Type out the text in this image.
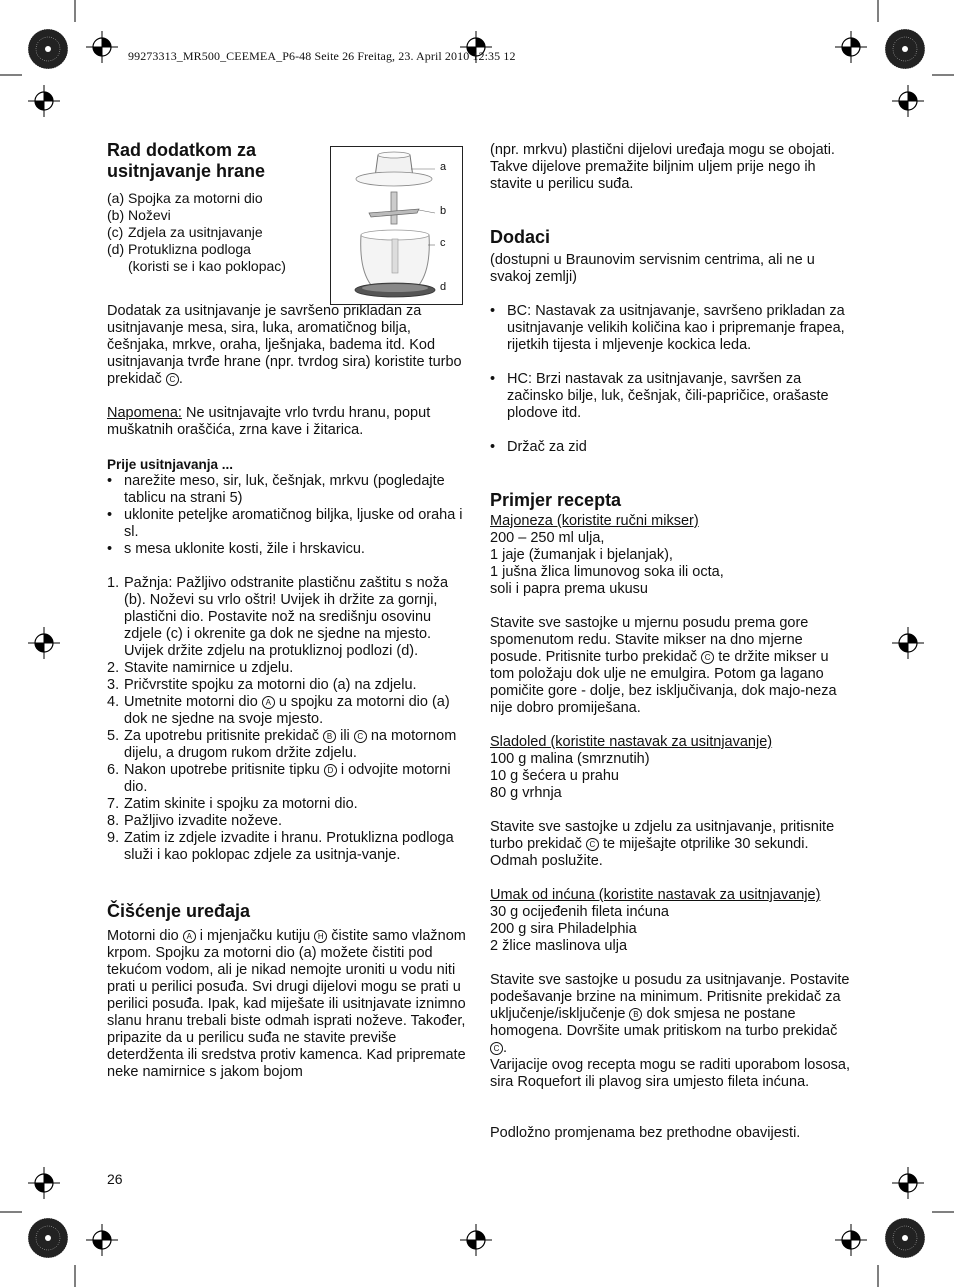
99273313_MR500_CEEMEA_P6-48 Seite 26 Freitag, 23. April 2010 12:35 12
Rad dodatkom za
usitnjavanje hrane
(a) Spojka za motorni dio
(b) Noževi
(c) Zdjela za usitnjavanje
(d) Protuklizna podloga
(koristi se i kao poklopac)

Dodatak za usitnjavanje je savršeno prikladan za usitnjavanje mesa, sira, luka, aromatičnog bilja, češnjaka, mrkve, oraha, lješnjaka, badema itd. Kod usitnjavanja tvrđe hrane (npr. tvrdog sira) koristite turbo prekidač C .

Napomena: Ne usitnjavajte vrlo tvrdu hranu, poput muškatnih oraščića, zrna kave i žitarica.

Prije usitnjavanja ...

• narežite meso, sir, luk, češnjak, mrkvu (pogledajte tablicu na strani 5)
• uklonite peteljke aromatičnog biljka, ljuske od oraha i sl.
• s mesa uklonite kosti, žile i hrskavicu.
1. Pažnja: Pažljivo odstranite plastičnu zaštitu s noža (b). Noževi su vrlo oštri! Uvijek ih držite za gornji, plastični dio. Postavite nož na središnju osovinu zdjele (c) i okrenite ga dok ne sjedne na mjesto. Uvijek držite zdjelu na protukliznoj podlozi (d).
2. Stavite namirnice u zdjelu.
3. Pričvrstite spojku za motorni dio (a) na zdjelu.
4. Umetnite motorni dio A u spojku za motorni dio (a) dok ne sjedne na svoje mjesto.
5. Za upotrebu pritisnite prekidač B ili C na motornom dijelu, a drugom rukom držite zdjelu.
6. Nakon upotrebe pritisnite tipku D i odvojite motorni dio.
7. Zatim skinite i spojku za motorni dio.
8. Pažljivo izvadite noževe.
9. Zatim iz zdjele izvadite i hranu. Protuklizna podloga služi i kao poklopac zdjele za usitnja-vanje.
Čišćenje uređaja

Motorni dio A i mjenjačku kutiju H čistite samo vlažnom krpom. Spojku za motorni dio (a) možete čistiti pod tekućom vodom, ali je nikad nemojte uroniti u vodu niti prati u perilici posuđa. Svi drugi dijelovi mogu se prati u perilici posuđa. Ipak, kad miješate ili usitnjavate iznimno slanu hranu trebali biste odmah isprati noževe. Također, pripazite da u perilicu suđa ne stavite previše deterdženta ili sredstva protiv kamenca. Kad pripremate neke namirnice s jakom bojom

a
b
c
d

(npr. mrkvu) plastični dijelovi uređaja mogu se obojati. Takve dijelove premažite biljnim uljem prije nego ih stavite u perilicu suđa.

Dodaci

(dostupni u Braunovim servisnim centrima, ali ne u svakoj zemlji)

• BC: Nastavak za usitnjavanje, savršeno prikladan za usitnjavanje velikih količina kao i pripremanje frapea, rijetkih tijesta i mljevenje kockica leda.
• HC: Brzi nastavak za usitnjavanje, savršen za začinsko bilje, luk, češnjak, čili-papričice, orašaste plodove itd.
• Držač za zid
Primjer recepta

Majoneza (koristite ručni mikser)

200 – 250 ml ulja,

1 jaje (žumanjak i bjelanjak),

1 jušna žlica limunovog soka ili octa,

soli i papra prema ukusu

Stavite sve sastojke u mjernu posudu prema gore spomenutom redu. Stavite mikser na dno mjerne posude. Pritisnite turbo prekidač C te držite mikser u tom položaju dok ulje ne emulgira. Potom ga lagano pomičite gore - dolje, bez isključivanja, dok majo-neza nije dobro promiješana.

Sladoled (koristite nastavak za usitnjavanje)

100 g malina (smrznutih)

10 g šećera u prahu

80 g vrhnja

Stavite sve sastojke u zdjelu za usitnjavanje, pritisnite turbo prekidač C te miješajte otprilike 30 sekundi. Odmah poslužite.

Umak od inćuna (koristite nastavak za usitnjavanje)

30 g ocijeđenih fileta inćuna

200 g sira Philadelphia

2 žlice maslinova ulja

Stavite sve sastojke u posudu za usitnjavanje. Postavite podešavanje brzine na minimum. Pritisnite prekidač za uključenje/isključenje B dok smjesa ne postane homogena. Dovršite umak pritiskom na turbo prekidač C .

Varijacije ovog recepta mogu se raditi uporabom lososa, sira Roquefort ili plavog sira umjesto fileta inćuna.

Podložno promjenama bez prethodne obavijesti.

26
